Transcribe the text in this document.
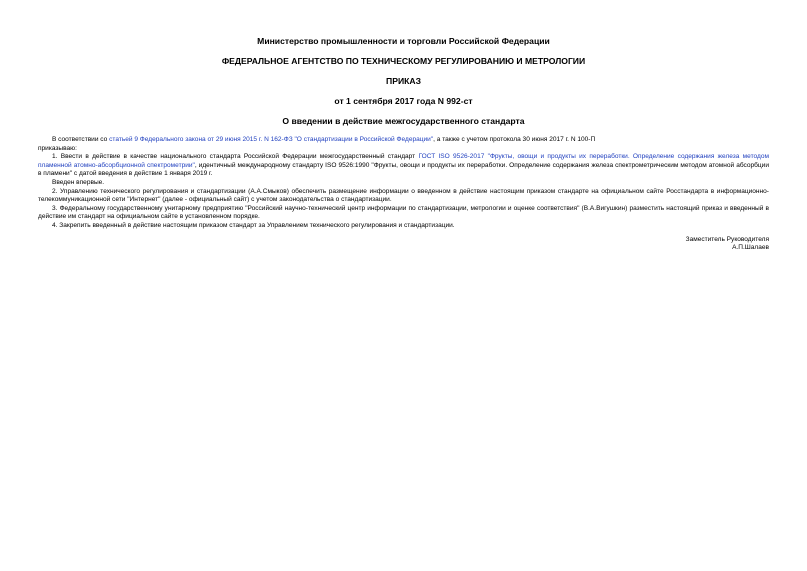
Министерство промышленности и торговли Российской Федерации
ФЕДЕРАЛЬНОЕ АГЕНТСТВО ПО ТЕХНИЧЕСКОМУ РЕГУЛИРОВАНИЮ И МЕТРОЛОГИИ
ПРИКАЗ
от 1 сентября 2017 года N 992-ст
О введении в действие межгосударственного стандарта

В соответствии со статьей 9 Федерального закона от 29 июня 2015 г. N 162-ФЗ "О стандартизации в Российской Федерации", а также с учетом протокола 30 июня 2017 г. N 100-П

приказываю:

1. Ввести в действие в качестве национального стандарта Российской Федерации межгосударственный стандарт ГОСТ ISO 9526-2017 "Фрукты, овощи и продукты их переработки. Определение содержания железа методом пламенной атомно-абсорбционной спектрометрии", идентичный международному стандарту ISO 9526:1990 "Фрукты, овощи и продукты их переработки. Определение содержания железа спектрометрическим методом атомной абсорбции в пламени" с датой введения в действие 1 января 2019 г.

Введен впервые.

2. Управлению технического регулирования и стандартизации (А.А.Смыков) обеспечить размещение информации о введенном в действие настоящим приказом стандарте на официальном сайте Росстандарта в информационно-телекоммуникационной сети "Интернет" (далее - официальный сайт) с учетом законодательства о стандартизации.

3. Федеральному государственному унитарному предприятию "Российский научно-технический центр информации по стандартизации, метрологии и оценке соответствия" (В.А.Вигушкин) разместить настоящий приказ и введенный в действие им стандарт на официальном сайте в установленном порядке.

4. Закрепить введенный в действие настоящим приказом стандарт за Управлением технического регулирования и стандартизации.

Заместитель Руководителя
А.П.Шалаев
